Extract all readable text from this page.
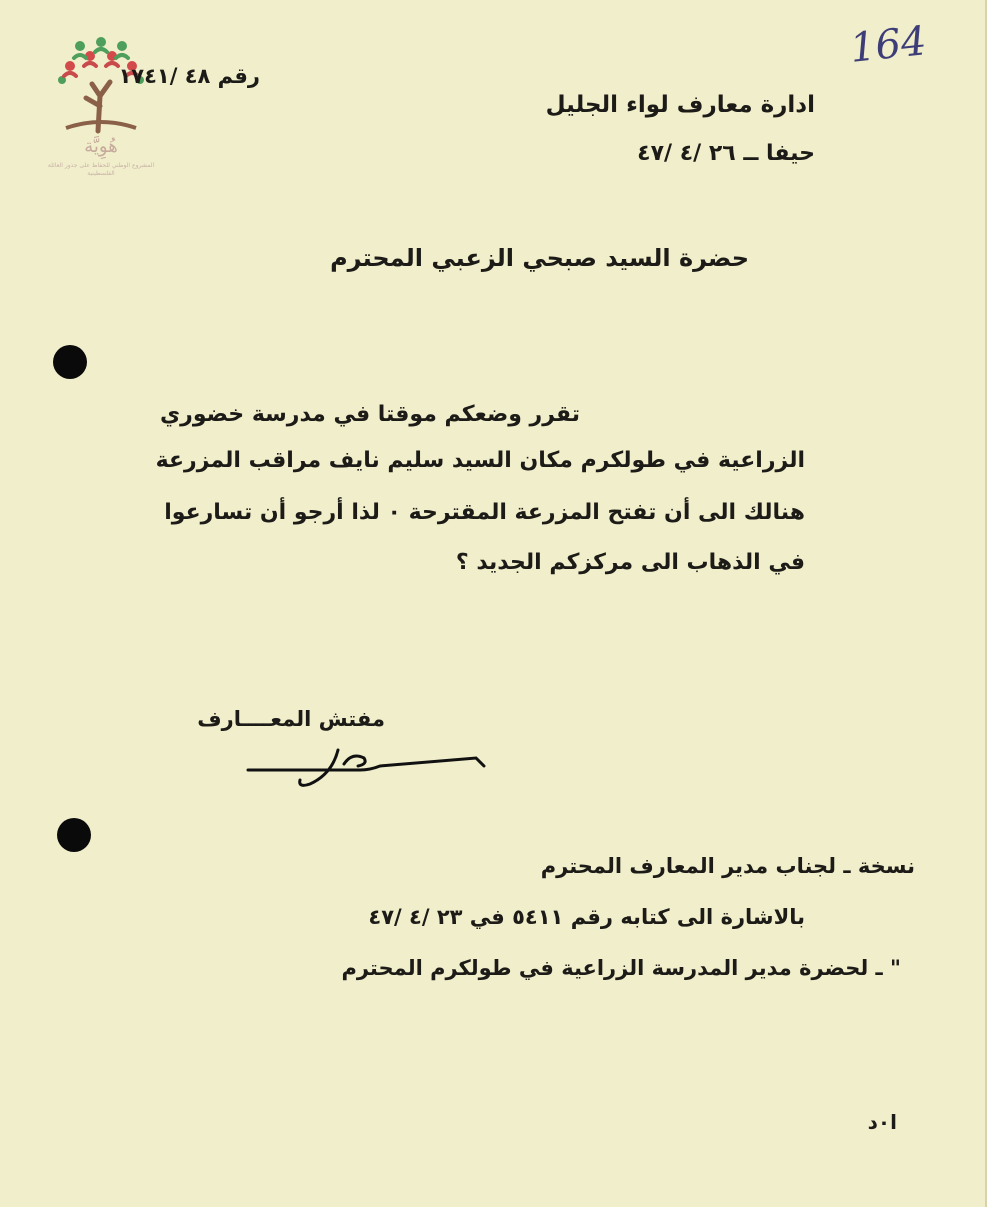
هُوِيَّة
المشروع الوطني للحفاظ على جذور العائلة الفلسطينية
164
رقم ٤٨ /١٧٤١
ادارة معارف لواء الجليل
حيفا ــ ٢٦ /٤ /٤٧
حضرة السيد صبحي الزعبي المحترم
تقرر وضعكم موقتا في مدرسة خضوري
الزراعية في طولكرم مكان السيد سليم نايف مراقب المزرعة
هنالك الى أن تفتح المزرعة المقترحة ٠ لذا أرجو أن تسارعوا
في الذهاب الى مركزكم الجديد ؟
مفتش المعــــارف
نسخة ـ لجناب مدير المعارف المحترم
بالاشارة الى كتابه رقم ٥٤١١ في ٢٣ /٤ /٤٧
" ـ لحضرة مدير المدرسة الزراعية في طولكرم المحترم
ا٠د
